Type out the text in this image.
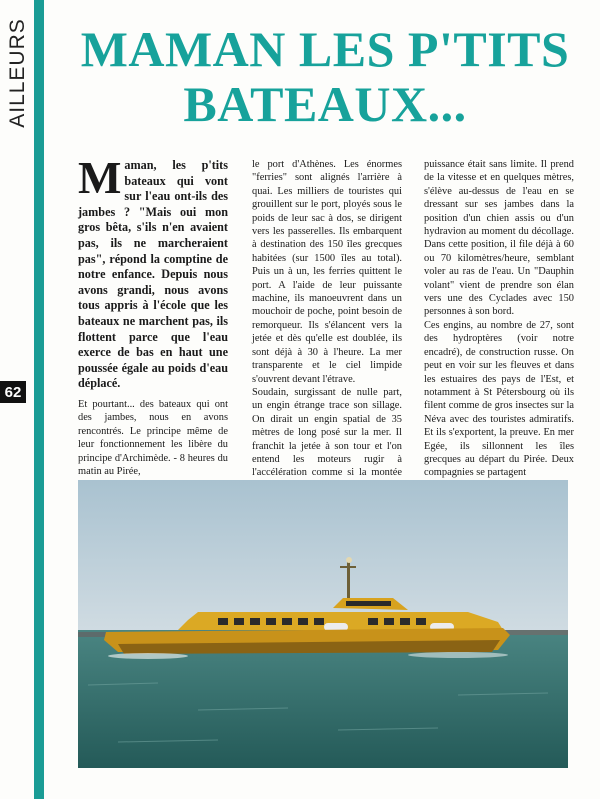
AILLEURS
62
MAMAN LES P'TITS BATEAUX...
Maman, les p'tits bateaux qui vont sur l'eau ont-ils des jambes ? "Mais oui mon gros bêta, s'ils n'en avaient pas, ils ne marcheraient pas", répond la comptine de notre enfance. Depuis nous avons grandi, nous avons tous appris à l'école que les bateaux ne marchent pas, ils flottent parce que l'eau exerce de bas en haut une poussée égale au poids d'eau déplacé.

Et pourtant... des bateaux qui ont des jambes, nous en avons rencontrés. Le principe même de leur fonctionnement les libère du principe d'Archimède. - 8 heures du matin au Pirée,

le port d'Athènes. Les énormes "ferries" sont alignés l'arrière à quai. Les milliers de touristes qui grouillent sur le port, ployés sous le poids de leur sac à dos, se dirigent vers les passerelles. Ils embarquent à destination des 150 îles grecques habitées (sur 1500 îles au total). Puis un à un, les ferries quittent le port. A l'aide de leur puissante machine, ils manoeuvrent dans un mouchoir de poche, point besoin de remorqueur. Ils s'élancent vers la jetée et dès qu'elle est doublée, ils sont déjà à 30 à l'heure. La mer transparente et le ciel limpide s'ouvrent devant l'étrave.

Soudain, surgissant de nulle part, un engin étrange trace son sillage. On dirait un engin spatial de 35 mètres de long posé sur la mer. Il franchit la jetée à son tour et l'on entend les moteurs rugir à l'accélération comme si la montée

puissance était sans limite. Il prend de la vitesse et en quelques mètres, s'élève au-dessus de l'eau en se dressant sur ses jambes dans la position d'un chien assis ou d'un hydravion au moment du décollage. Dans cette position, il file déjà à 60 ou 70 kilomètres/heure, semblant voler au ras de l'eau. Un "Dauphin volant" vient de prendre son élan vers une des Cyclades avec 150 personnes à son bord.

Ces engins, au nombre de 27, sont des hydroptères (voir notre encadré), de construction russe. On peut en voir sur les fleuves et dans les estuaires des pays de l'Est, et notamment à St Pétersbourg où ils filent comme de gros insectes sur la Néva avec des touristes admiratifs. Et ils s'exportent, la preuve. En mer Egée, ils sillonnent les îles grecques au départ du Pirée. Deux compagnies se partagent
